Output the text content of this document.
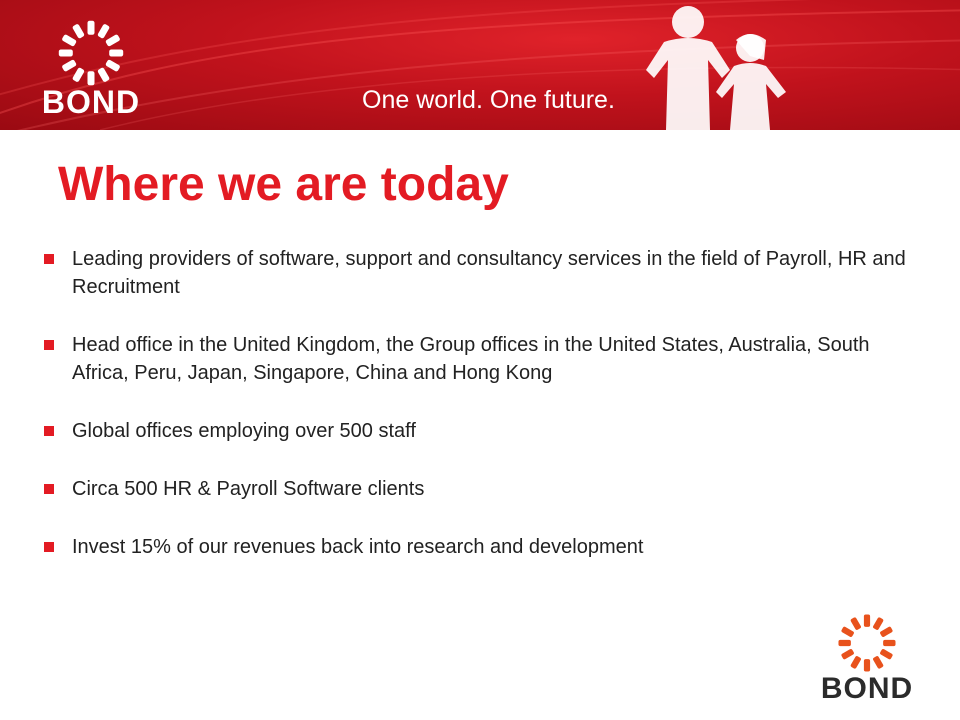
BOND	One world. One future.
Where we are today
Leading providers of software, support and consultancy services in the field of Payroll, HR and Recruitment
Head office in the United Kingdom, the Group offices in the United States, Australia, South Africa, Peru, Japan, Singapore, China and Hong Kong
Global offices employing over 500 staff
Circa 500 HR & Payroll Software clients
Invest 15% of our revenues back into research and development
BOND
